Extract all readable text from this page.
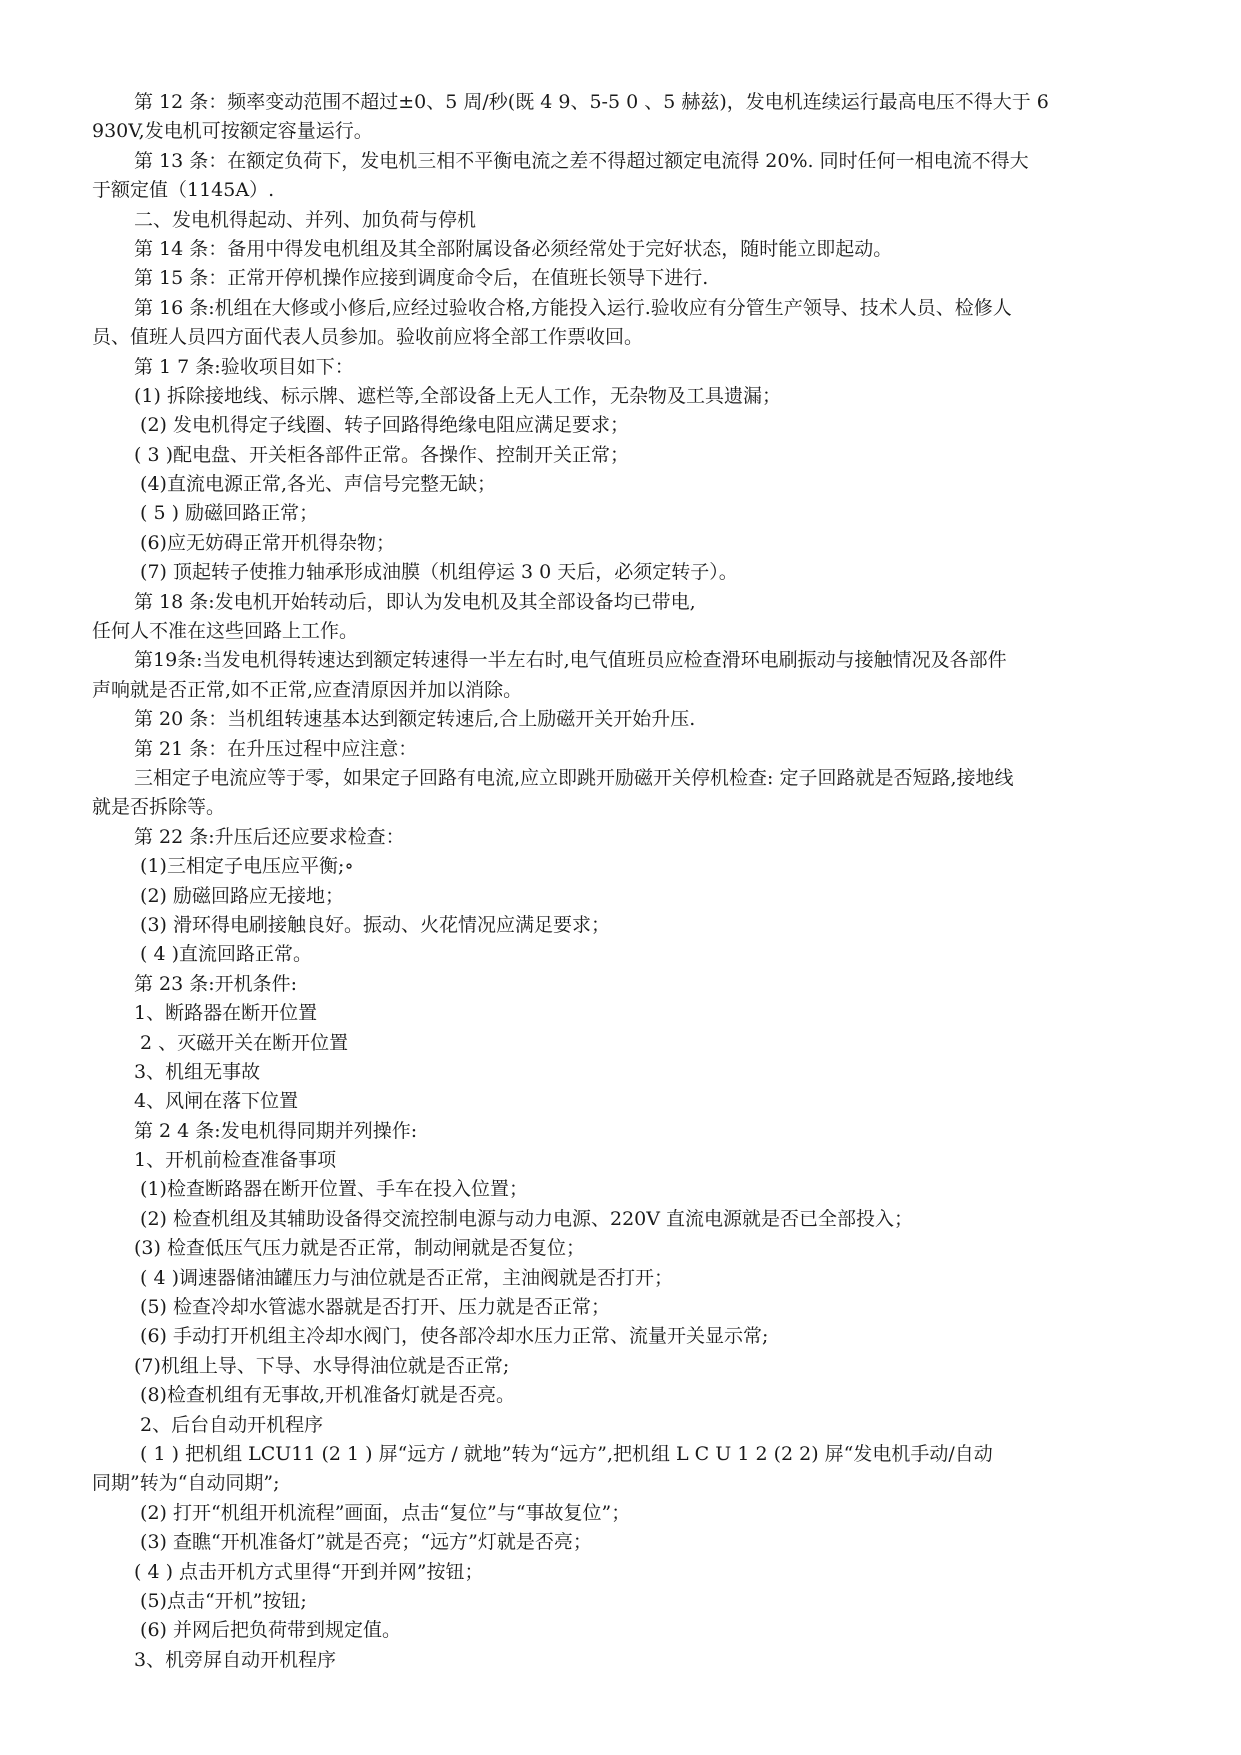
第 12 条：频率变动范围不超过±0、5 周/秒(既 4 9、5-5 0 、5 赫兹)，发电机连续运行最高电压不得大于 6
930V,发电机可按额定容量运行。
第 13 条：在额定负荷下，发电机三相不平衡电流之差不得超过额定电流得 20%. 同时任何一相电流不得大
于额定值（1145A）.
二、发电机得起动、并列、加负荷与停机
第 14 条：备用中得发电机组及其全部附属设备必须经常处于完好状态，随时能立即起动。
第 15 条：正常开停机操作应接到调度命令后，在值班长领导下进行.
第 16 条:机组在大修或小修后,应经过验收合格,方能投入运行.验收应有分管生产领导、技术人员、检修人
员、值班人员四方面代表人员参加。验收前应将全部工作票收回。
第 1 7 条:验收项目如下：
(1) 拆除接地线、标示牌、遮栏等,全部设备上无人工作，无杂物及工具遗漏；
(2) 发电机得定子线圈、转子回路得绝缘电阻应满足要求；
( 3 )配电盘、开关柜各部件正常。各操作、控制开关正常；
(4)直流电源正常,各光、声信号完整无缺；
( 5 ) 励磁回路正常；
(6)应无妨碍正常开机得杂物；
(7) 顶起转子使推力轴承形成油膜（机组停运 3 0 天后，必须定转子）。
第 18 条:发电机开始转动后，即认为发电机及其全部设备均已带电,
任何人不准在这些回路上工作。
第19条:当发电机得转速达到额定转速得一半左右时,电气值班员应检查滑环电刷振动与接触情况及各部件
声响就是否正常,如不正常,应查清原因并加以消除。
第 20 条：当机组转速基本达到额定转速后,合上励磁开关开始升压.
第 21 条：在升压过程中应注意：
三相定子电流应等于零，如果定子回路有电流,应立即跳开励磁开关停机检查: 定子回路就是否短路,接地线
就是否拆除等。
第 22 条:升压后还应要求检查：
(1)三相定子电压应平衡;∘
(2) 励磁回路应无接地；
(3) 滑环得电刷接触良好。振动、火花情况应满足要求；
( 4 )直流回路正常。
第 23 条:开机条件:
1、断路器在断开位置
2 、灭磁开关在断开位置
3、机组无事故
4、风闸在落下位置
第 2 4 条:发电机得同期并列操作:
1、开机前检查准备事项
(1)检查断路器在断开位置、手车在投入位置；
(2) 检查机组及其辅助设备得交流控制电源与动力电源、220V 直流电源就是否已全部投入；
(3) 检查低压气压力就是否正常，制动闸就是否复位；
( 4 )调速器储油罐压力与油位就是否正常，主油阀就是否打开；
(5) 检查冷却水管滤水器就是否打开、压力就是否正常；
(6) 手动打开机组主冷却水阀门，使各部冷却水压力正常、流量开关显示常;
(7)机组上导、下导、水导得油位就是否正常;
(8)检查机组有无事故,开机准备灯就是否亮。
2、后台自动开机程序
( 1 ) 把机组 LCU11 (2 1 ) 屏“远方 / 就地”转为“远方”,把机组 L C U 1 2 (2 2) 屏“发电机手动/自动
同期”转为“自动同期”;
(2) 打开“机组开机流程”画面，点击“复位”与“事故复位”；
(3) 查瞧“开机准备灯”就是否亮；“远方”灯就是否亮；
( 4 ) 点击开机方式里得“开到并网”按钮；
(5)点击“开机”按钮;
(6) 并网后把负荷带到规定值。
3、机旁屏自动开机程序
